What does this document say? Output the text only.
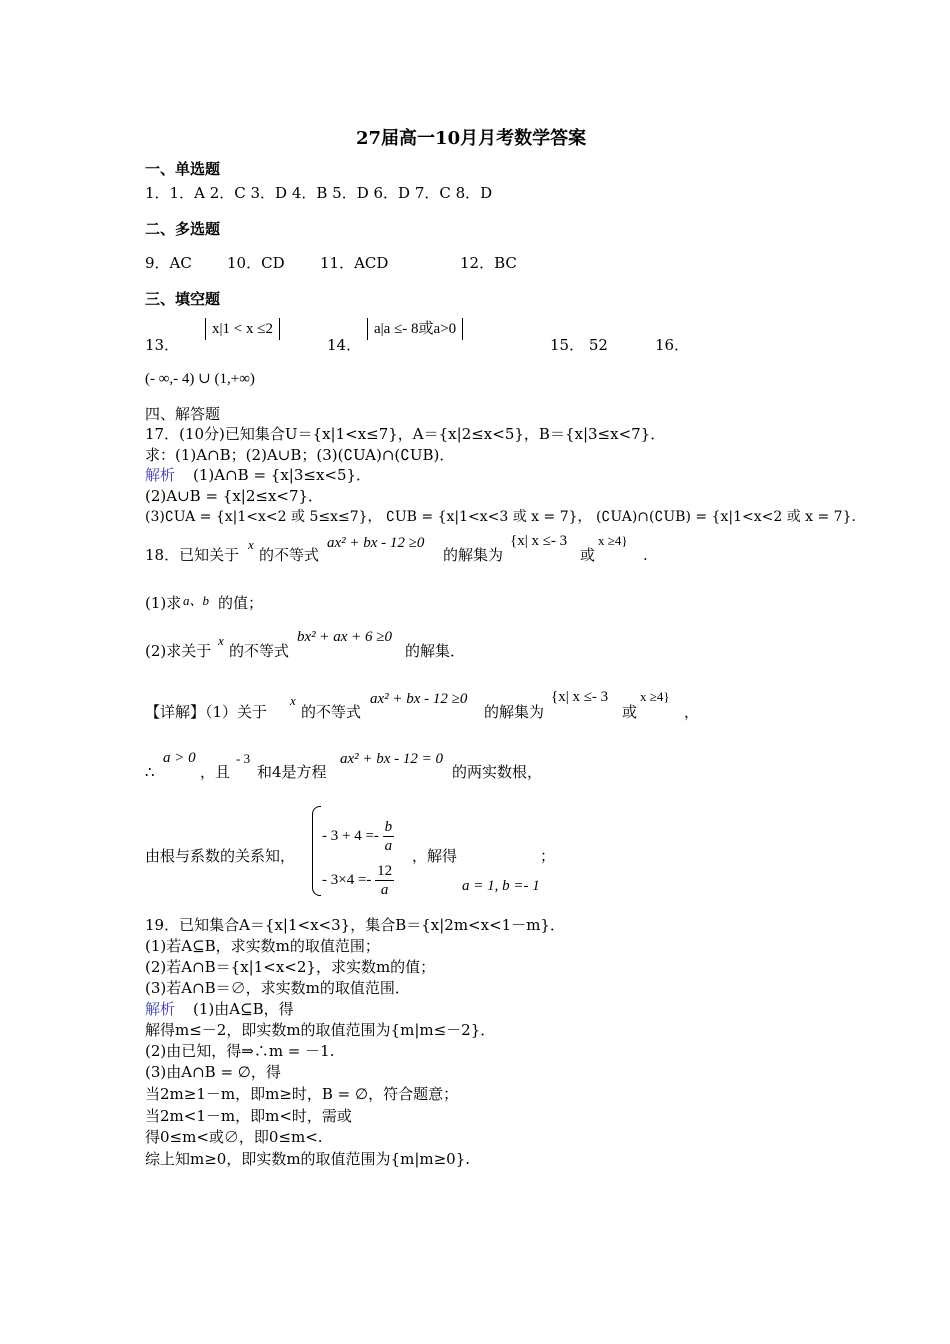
27届高一10月月考数学答案
一、单选题
1．1．A 2．C 3．D 4．B 5．D 6．D 7．C 8．D
二、多选题
9．AC 10．CD 11．ACD	12．BC
三、填空题
13．
x|1 < x ≤2
14．
a|a ≤- 8或a>0
15． 52	16．
(- ∞,- 4) ∪ (1,+∞)
四、解答题
17．(10分)已知集合U＝{x|1<x≤7}，A＝{x|2≤x<5}，B＝{x|3≤x<7}．
求：(1)A∩B；(2)A∪B；(3)(∁UA)∩(∁UB)．
解析 (1)A∩B = {x|3≤x<5}．
(2)A∪B = {x|2≤x<7}．
(3)∁UA = {x|1<x<2 或 5≤x≤7}， ∁UB = {x|1<x<3 或 x = 7}， (∁UA)∩(∁UB) = {x|1<x<2 或 x = 7}．
18．已知关于
x
的不等式
ax² + bx - 12 ≥0
的解集为
{x| x ≤- 3
或
x ≥4}
.
(1)求 a、b 的值；
(2)求关于
x
的不等式
bx² + ax + 6 ≥0
的解集．
【详解】（1）关于
x
的不等式
ax² + bx - 12 ≥0
的解集为
{x| x ≤- 3
或
x ≥4}
，
∴
a > 0
，且
- 3
和4是方程
ax² + bx - 12 = 0
的两实数根，
由根与系数的关系知，
- $3 + 4 =- \frac{b}{a}$
- $3\times 4 =- \frac{12}{a}$
，解得
a = 1, b =- 1
；
19．已知集合A＝{x|1<x<3}，集合B＝{x|2m<x<1－m}．
(1)若A⊆B，求实数m的取值范围；
(2)若A∩B＝{x|1<x<2}，求实数m的值；
(3)若A∩B＝∅，求实数m的取值范围．
解析 (1)由A⊆B，得
解得m≤－2，即实数m的取值范围为{m|m≤－2}．
(2)由已知，得⇒∴m = －1.
(3)由A∩B = ∅，得
当2m≥1－m，即m≥时，B = ∅，符合题意；
当2m<1－m，即m<时，需或
得0≤m<或∅，即0≤m<.
综上知m≥0，即实数m的取值范围为{m|m≥0}.
